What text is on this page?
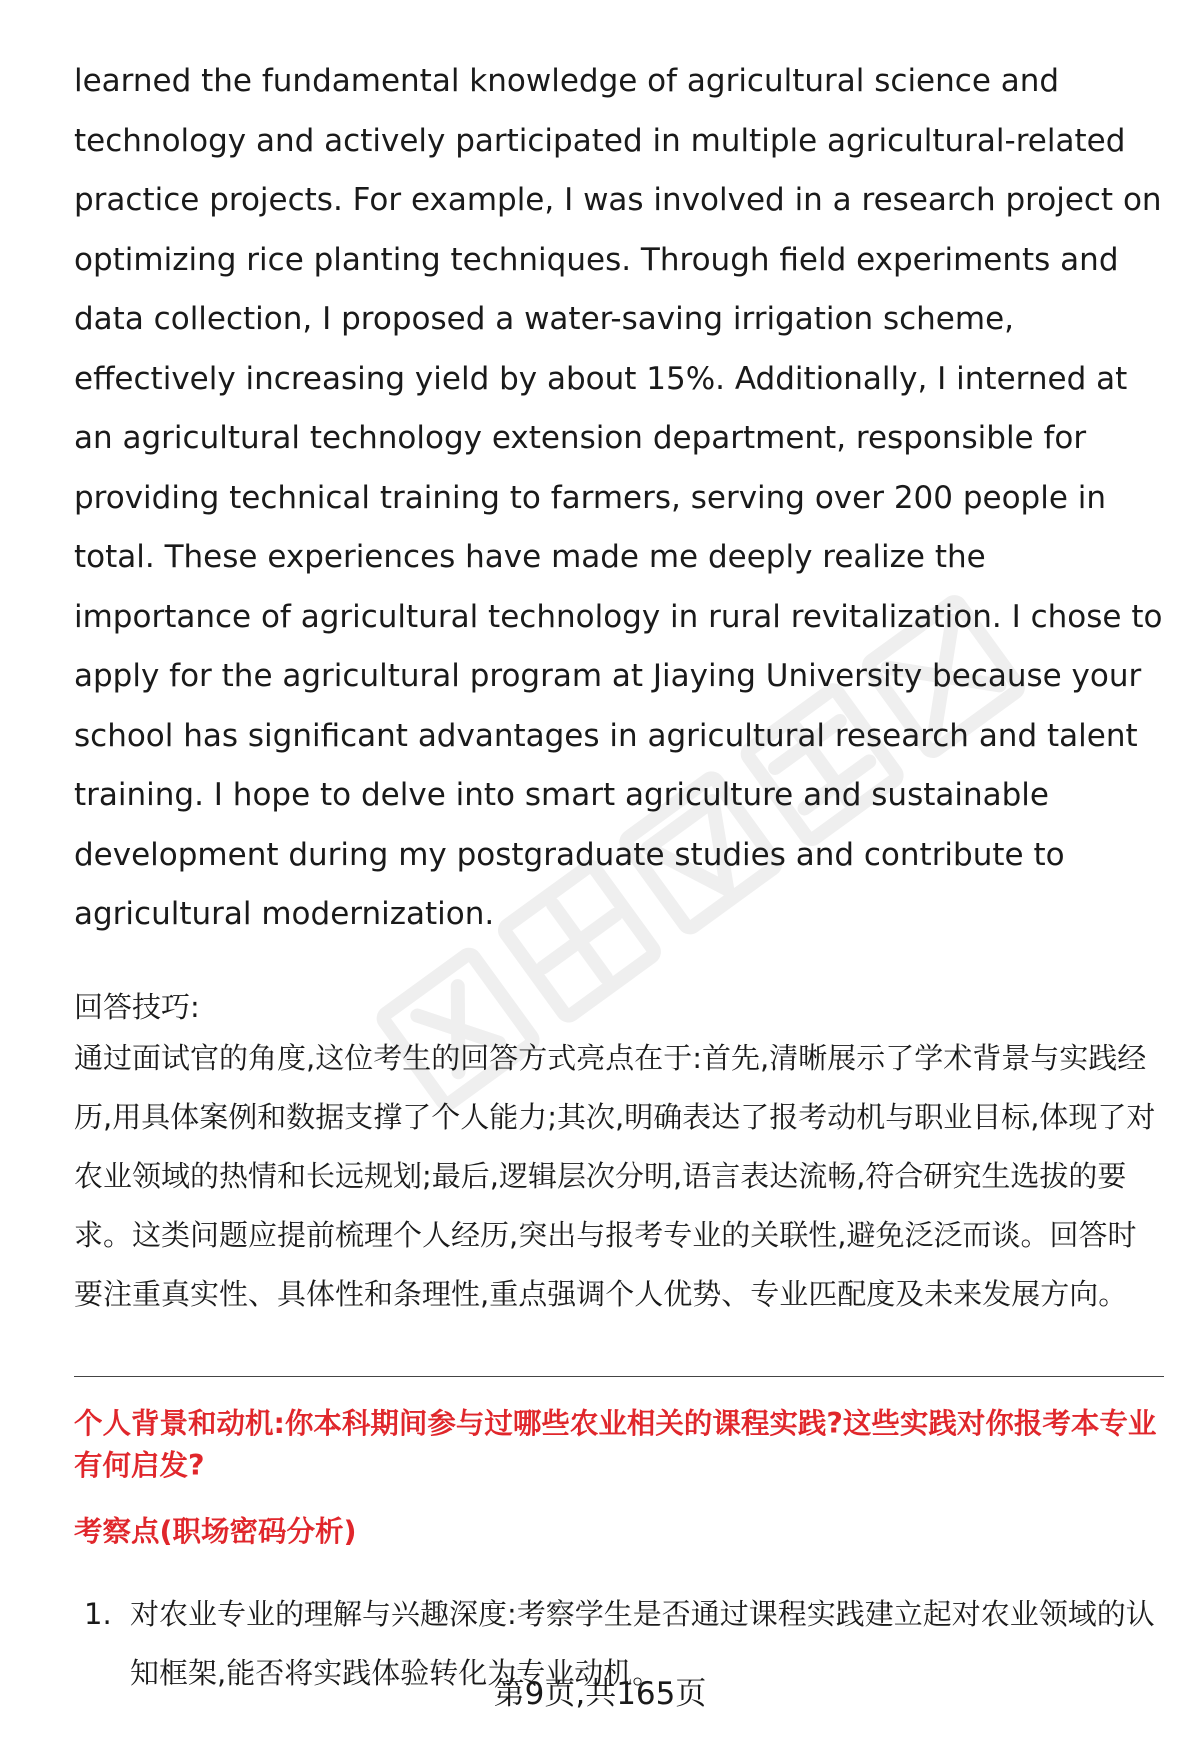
learned the fundamental knowledge of agricultural science and technology and actively participated in multiple agricultural-related practice projects. For example, I was involved in a research project on optimizing rice planting techniques. Through field experiments and data collection, I proposed a water-saving irrigation scheme, effectively increasing yield by about 15%. Additionally, I interned at an agricultural technology extension department, responsible for providing technical training to farmers, serving over 200 people in total. These experiences have made me deeply realize the importance of agricultural technology in rural revitalization. I chose to apply for the agricultural program at Jiaying University because your school has significant advantages in agricultural research and talent training. I hope to delve into smart agriculture and sustainable development during my postgraduate studies and contribute to agricultural modernization.

回答技巧:

通过面试官的角度,这位考生的回答方式亮点在于:首先,清晰展示了学术背景与实践经历,用具体案例和数据支撑了个人能力;其次,明确表达了报考动机与职业目标,体现了对农业领域的热情和长远规划;最后,逻辑层次分明,语言表达流畅,符合研究生选拔的要求。这类问题应提前梳理个人经历,突出与报考专业的关联性,避免泛泛而谈。回答时要注重真实性、具体性和条理性,重点强调个人优势、专业匹配度及未来发展方向。

个人背景和动机:你本科期间参与过哪些农业相关的课程实践?这些实践对你报考本专业有何启发?
考察点(职场密码分析)
1. 对农业专业的理解与兴趣深度:考察学生是否通过课程实践建立起对农业领域的认知框架,能否将实践体验转化为专业动机。
第9页,共165页
